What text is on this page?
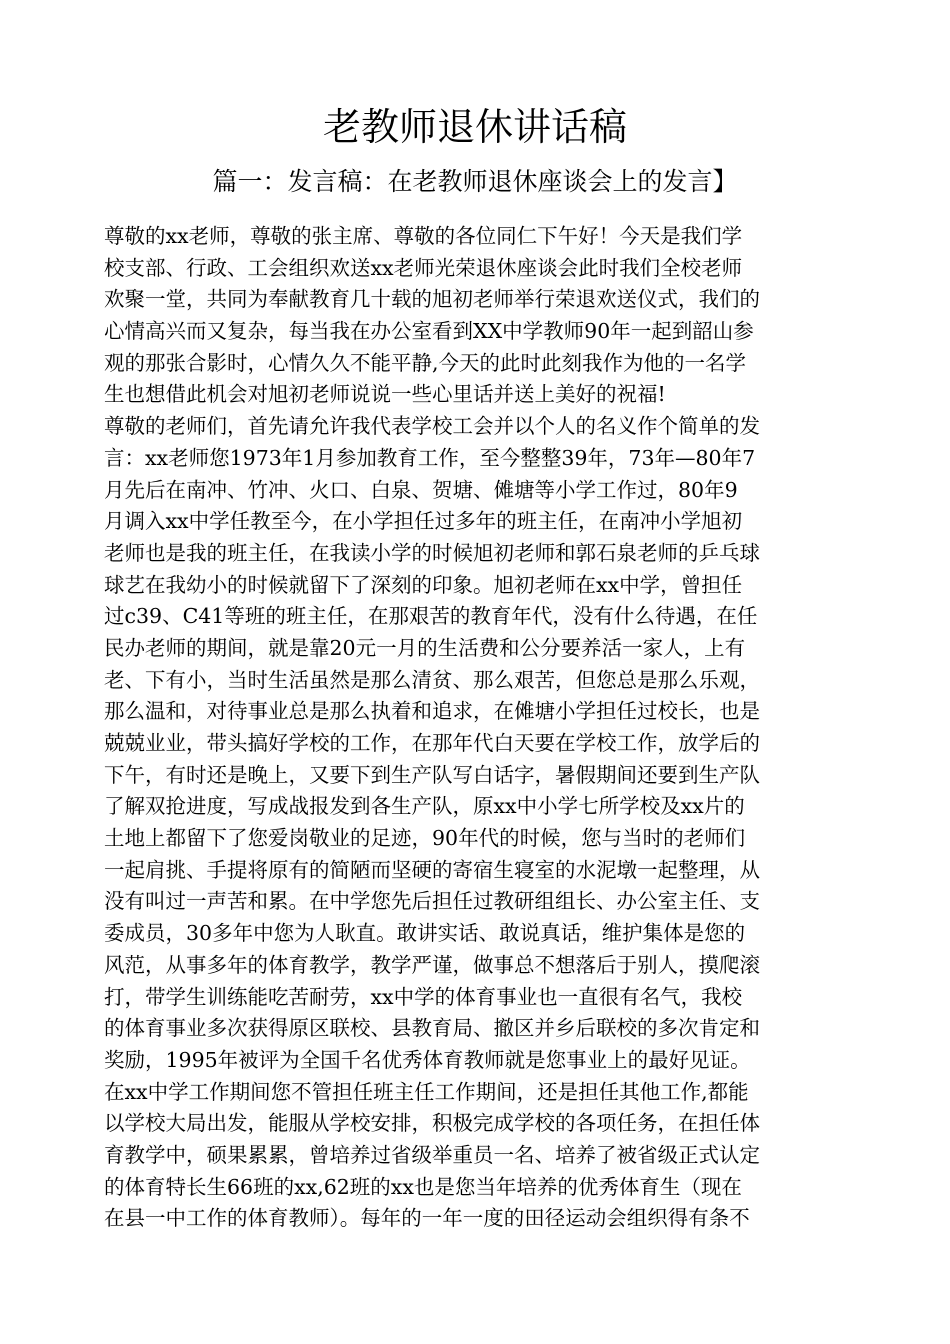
老教师退休讲话稿
篇一：发言稿：在老教师退休座谈会上的发言】
尊敬的xx老师，尊敬的张主席、尊敬的各位同仁下午好！今天是我们学
校支部、行政、工会组织欢送xx老师光荣退休座谈会此时我们全校老师
欢聚一堂，共同为奉献教育几十载的旭初老师举行荣退欢送仪式，我们的
心情高兴而又复杂，每当我在办公室看到XX中学教师90年一起到韶山参
观的那张合影时，心情久久不能平静,今天的此时此刻我作为他的一名学
生也想借此机会对旭初老师说说一些心里话并送上美好的祝福!
尊敬的老师们，首先请允许我代表学校工会并以个人的名义作个简单的发
言：xx老师您1973年1月参加教育工作，至今整整39年，73年—80年7
月先后在南冲、竹冲、火口、白泉、贺塘、傩塘等小学工作过，80年9
月调入xx中学任教至今，在小学担任过多年的班主任，在南冲小学旭初
老师也是我的班主任，在我读小学的时候旭初老师和郭石泉老师的乒乓球
球艺在我幼小的时候就留下了深刻的印象。旭初老师在xx中学，曾担任
过c39、C41等班的班主任，在那艰苦的教育年代，没有什么待遇，在任
民办老师的期间，就是靠20元一月的生活费和公分要养活一家人，上有
老、下有小，当时生活虽然是那么清贫、那么艰苦，但您总是那么乐观，
那么温和，对待事业总是那么执着和追求，在傩塘小学担任过校长，也是
兢兢业业，带头搞好学校的工作，在那年代白天要在学校工作，放学后的
下午，有时还是晚上，又要下到生产队写白话字，暑假期间还要到生产队
了解双抢进度，写成战报发到各生产队，原xx中小学七所学校及xx片的
土地上都留下了您爱岗敬业的足迹，90年代的时候，您与当时的老师们
一起肩挑、手提将原有的简陋而坚硬的寄宿生寝室的水泥墩一起整理，从
没有叫过一声苦和累。在中学您先后担任过教研组组长、办公室主任、支
委成员，30多年中您为人耿直。敢讲实话、敢说真话，维护集体是您的
风范，从事多年的体育教学，教学严谨，做事总不想落后于别人，摸爬滚
打，带学生训练能吃苦耐劳，xx中学的体育事业也一直很有名气，我校
的体育事业多次获得原区联校、县教育局、撤区并乡后联校的多次肯定和
奖励，1995年被评为全国千名优秀体育教师就是您事业上的最好见证。
在xx中学工作期间您不管担任班主任工作期间，还是担任其他工作,都能
以学校大局出发，能服从学校安排，积极完成学校的各项任务，在担任体
育教学中，硕果累累，曾培养过省级举重员一名、培养了被省级正式认定
的体育特长生66班的xx,62班的xx也是您当年培养的优秀体育生（现在
在县一中工作的体育教师）。每年的一年一度的田径运动会组织得有条不
